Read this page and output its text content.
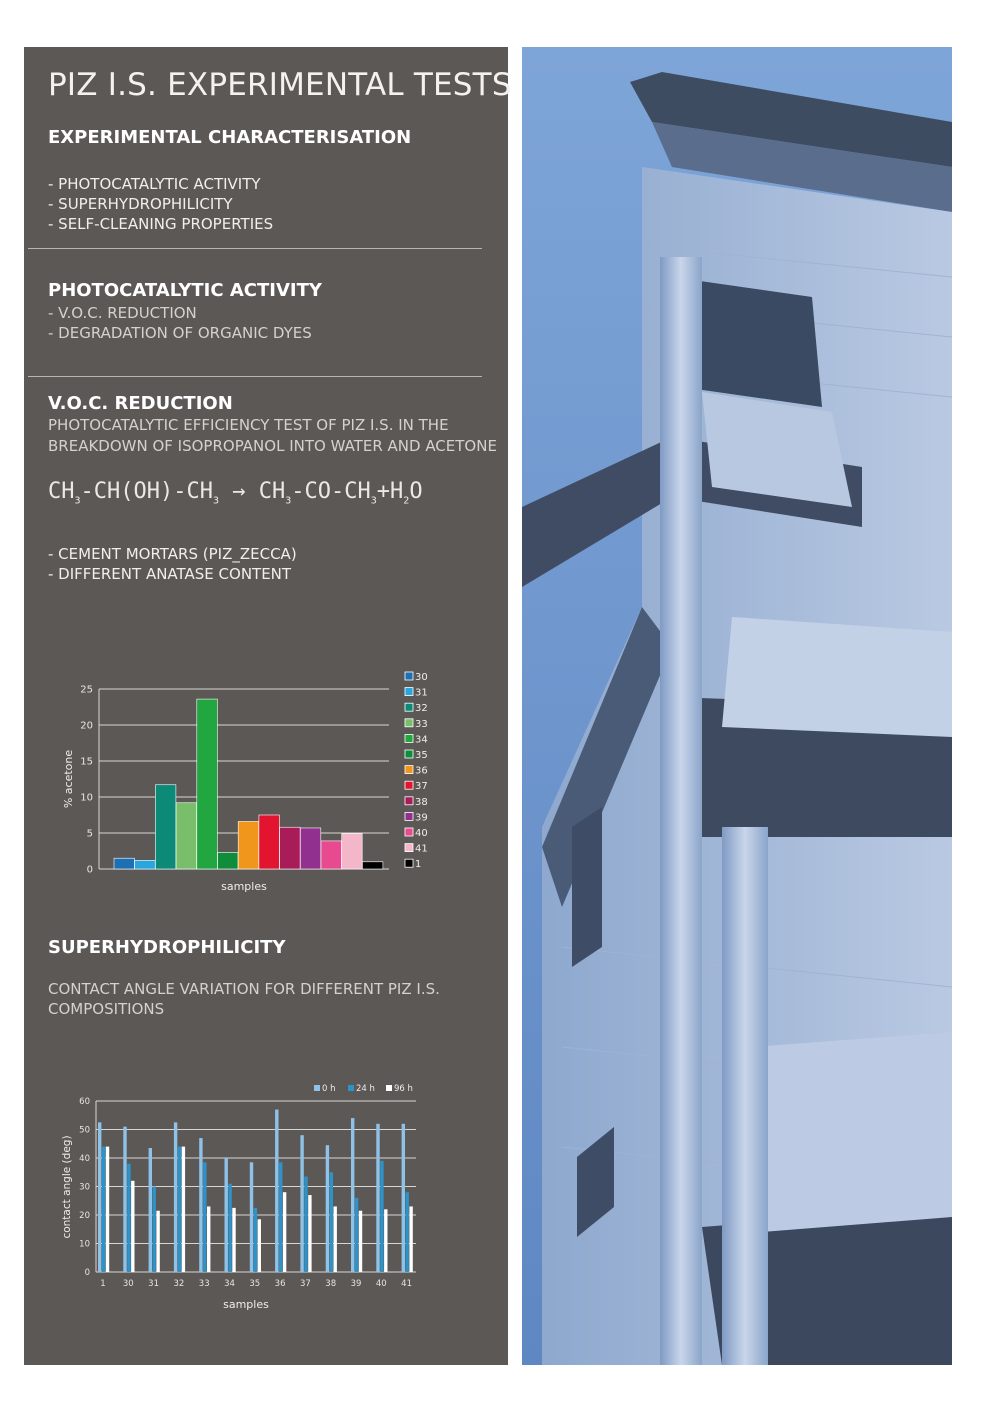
PIZ I.S. EXPERIMENTAL TESTS
EXPERIMENTAL CHARACTERISATION
- PHOTOCATALYTIC ACTIVITY
- SUPERHYDROPHILICITY
- SELF-CLEANING PROPERTIES
PHOTOCATALYTIC ACTIVITY
- V.O.C. REDUCTION
- DEGRADATION OF ORGANIC DYES
V.O.C. REDUCTION
PHOTOCATALYTIC EFFICIENCY TEST OF PIZ I.S. IN THE
BREAKDOWN OF ISOPROPANOL INTO WATER AND ACETONE
$CH_3-CH(OH)-CH_3 \to CH_3-CO-CH_3+H_2O$
- CEMENT MORTARS (PIZ_ZECCA)
- DIFFERENT ANATASE CONTENT
0
5
10
15
20
25
samples
% acetone
30
31
32
33
34
35
36
37
38
39
40
41
1
SUPERHYDROPHILICITY
CONTACT ANGLE VARIATION FOR DIFFERENT PIZ I.S.
COMPOSITIONS
0
10
20
30
40
50
60
1 30 31 32 33 34 35 36 37 38 39 40 41
samples
contact angle (deg)
0 h 24 h 96 h
